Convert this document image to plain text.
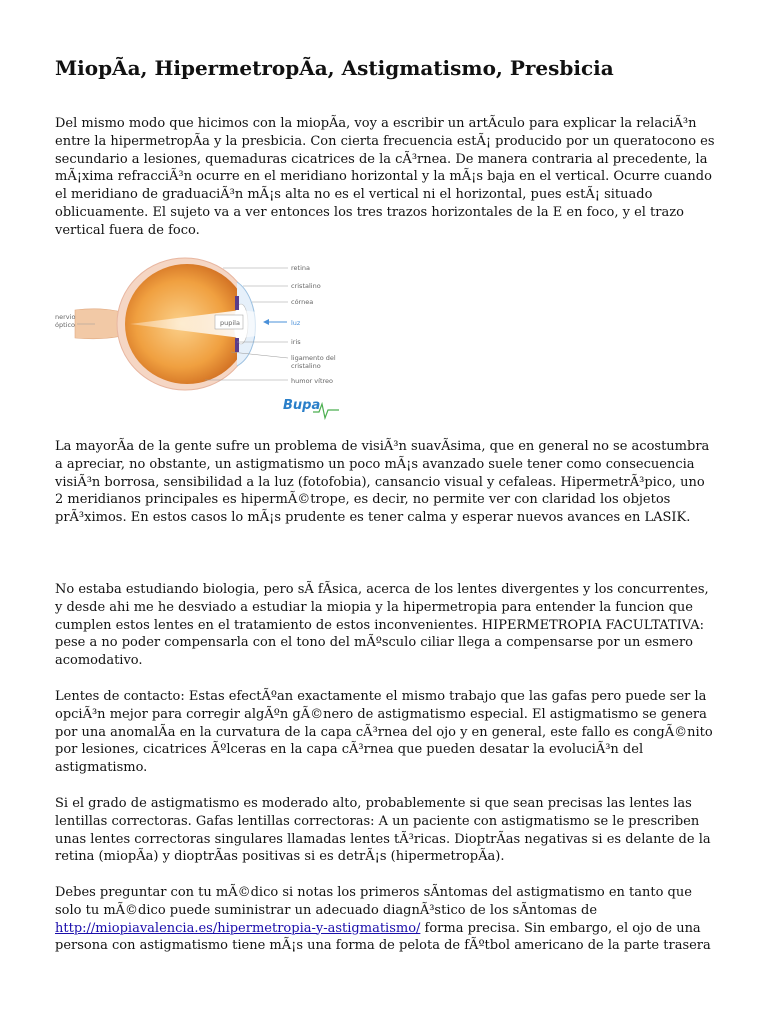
MiopÃa, HipermetropÃa, Astigmatismo, Presbicia

Del mismo modo que hicimos con la miopÃa, voy a escribir un artÃculo para explicar la relaciÃ³n entre la hipermetropÃa y la presbicia. Con cierta frecuencia estÃ¡ producido por un queratocono es secundario a lesiones, quemaduras cicatrices de la cÃ³rnea. De manera contraria al precedente, la mÃ¡xima refracciÃ³n ocurre en el meridiano horizontal y la mÃ¡s baja en el vertical. Ocurre cuando el meridiano de graduaciÃ³n mÃ¡s alta no es el vertical ni el horizontal, pues estÃ¡ situado oblicuamente. El sujeto va a ver entonces los tres trazos horizontales de la E en foco, y el trazo vertical fuera de foco.

retina
cristalino
córnea
pupila	luz
iris
ligamento del
cristalino
humor vítreo
nervio
óptico
Bupa

La mayorÃa de la gente sufre un problema de visiÃ³n suavÃsima, que en general no se acostumbra a apreciar, no obstante, un astigmatismo un poco mÃ¡s avanzado suele tener como consecuencia visiÃ³n borrosa, sensibilidad a la luz (fotofobia), cansancio visual y cefaleas. HipermetrÃ³pico, uno 2 meridianos principales es hipermÃ©trope, es decir, no permite ver con claridad los objetos prÃ³ximos. En estos casos lo mÃ¡s prudente es tener calma y esperar nuevos avances en LASIK.

No estaba estudiando biologia, pero sÃ fÃsica, acerca de los lentes divergentes y los concurrentes, y desde ahi me he desviado a estudiar la miopia y la hipermetropia para entender la funcion que cumplen estos lentes en el tratamiento de estos inconvenientes. HIPERMETROPIA FACULTATIVA: pese a no poder compensarla con el tono del mÃºsculo ciliar llega a compensarse por un esmero acomodativo.

Lentes de contacto: Estas efectÃºan exactamente el mismo trabajo que las gafas pero puede ser la opciÃ³n mejor para corregir algÃºn gÃ©nero de astigmatismo especial. El astigmatismo se genera por una anomalÃa en la curvatura de la capa cÃ³rnea del ojo y en general, este fallo es congÃ©nito por lesiones, cicatrices Ãºlceras en la capa cÃ³rnea que pueden desatar la evoluciÃ³n del astigmatismo.

Si el grado de astigmatismo es moderado alto, probablemente si que sean precisas las lentes las lentillas correctoras. Gafas lentillas correctoras: A un paciente con astigmatismo se le prescriben unas lentes correctoras singulares llamadas lentes tÃ³ricas. DioptrÃas negativas si es delante de la retina (miopÃa) y dioptrÃas positivas si es detrÃ¡s (hipermetropÃa).

Debes preguntar con tu mÃ©dico si notas los primeros sÃntomas del astigmatismo en tanto que solo tu mÃ©dico puede suministrar un adecuado diagnÃ³stico de los sÃntomas de http://miopiavalencia.es/hipermetropia-y-astigmatismo/ forma precisa. Sin embargo, el ojo de una persona con astigmatismo tiene mÃ¡s una forma de pelota de fÃºtbol americano de la parte trasera
